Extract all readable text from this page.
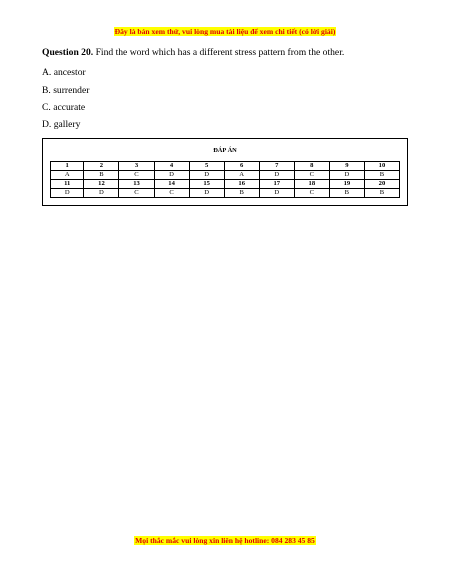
Đây là bản xem thử, vui lòng mua tài liệu để xem chi tiết (có lời giải)
Question 20. Find the word which has a different stress pattern from the other.
A. ancestor
B. surrender
C. accurate
D. gallery
ĐÁP ÁN
1	2	3	4	5	6	7	8	9	10
A	B	C	D	D	A	D	C	D	B
11	12	13	14	15	16	17	18	19	20
D	D	C	C	D	B	D	C	B	B
Mọi thắc mắc vui lòng xin liên hệ hotline: 084 283 45 85
